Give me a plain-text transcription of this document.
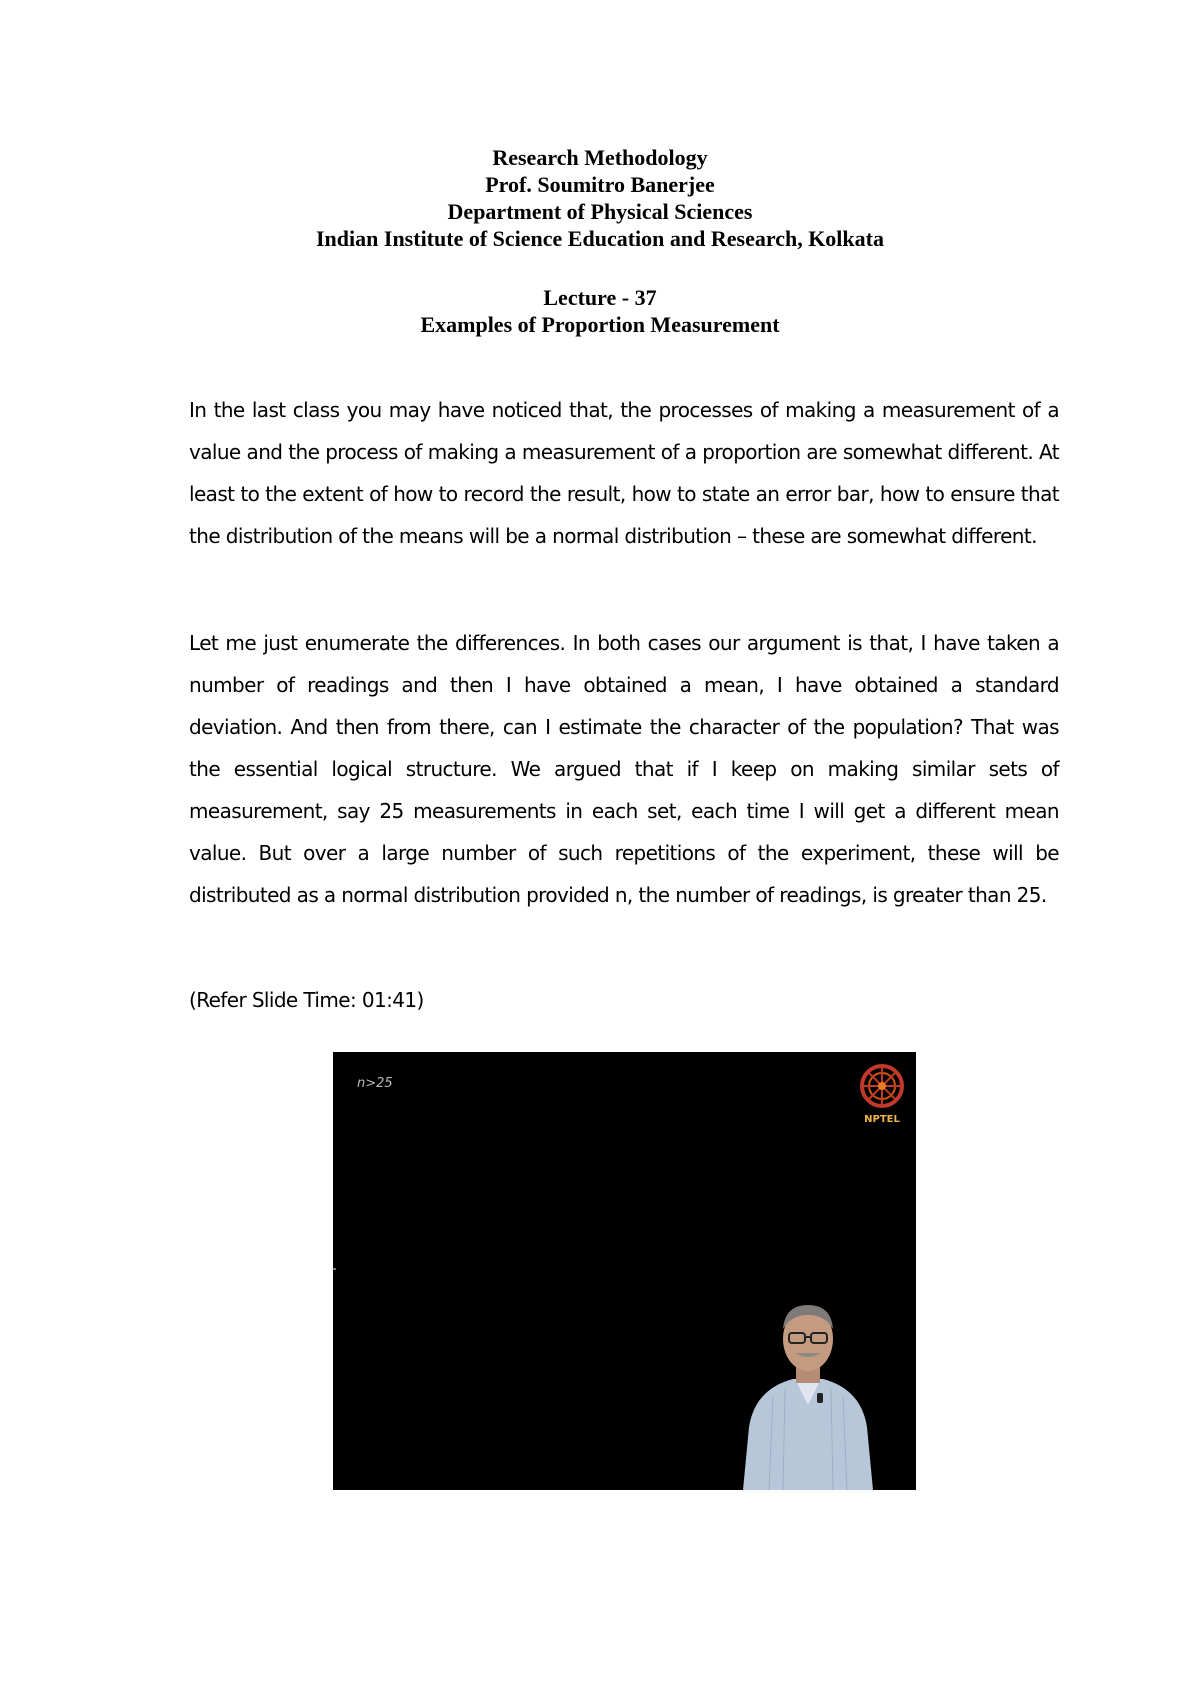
Research Methodology
Prof. Soumitro Banerjee
Department of Physical Sciences
Indian Institute of Science Education and Research, Kolkata
Lecture - 37
Examples of Proportion Measurement

In the last class you may have noticed that, the processes of making a measurement of a value and the process of making a measurement of a proportion are somewhat different. At least to the extent of how to record the result, how to state an error bar, how to ensure that the distribution of the means will be a normal distribution – these are somewhat different.

Let me just enumerate the differences. In both cases our argument is that, I have taken a number of readings and then I have obtained a mean, I have obtained a standard deviation. And then from there, can I estimate the character of the population? That was the essential logical structure. We argued that if I keep on making similar sets of measurement, say 25 measurements in each set, each time I will get a different mean value. But over a large number of such repetitions of the experiment, these will be distributed as a normal distribution provided n, the number of readings, is greater than 25.

(Refer Slide Time: 01:41)

n>25
NPTEL
